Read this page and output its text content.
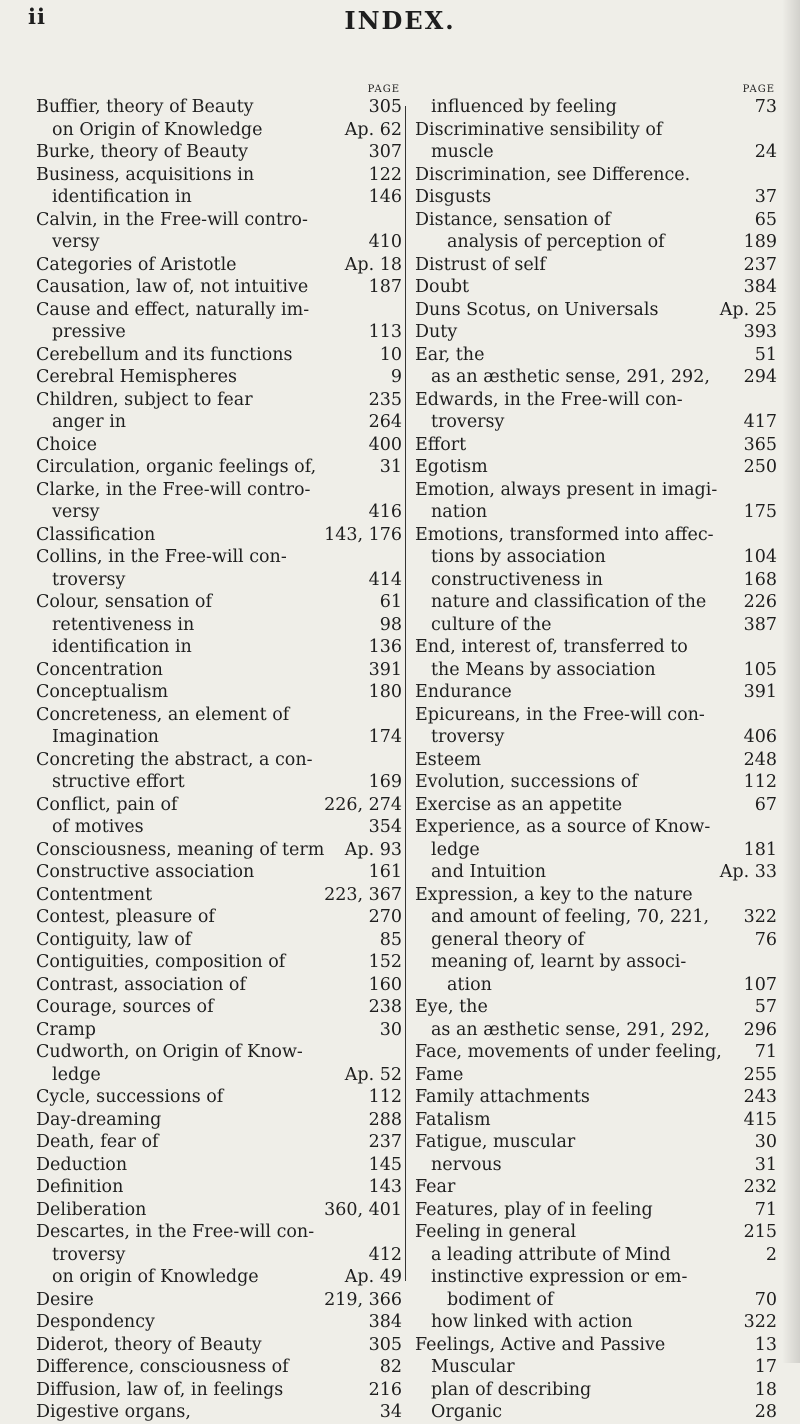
ii	INDEX.
PAGE
Buffier, theory of Beauty	305
on Origin of Knowledge	Ap. 62
Burke, theory of Beauty	307
Business, acquisitions in	122
identification in	146
Calvin, in the Free-will contro-
versy	410
Categories of Aristotle	Ap. 18
Causation, law of, not intuitive	187
Cause and effect, naturally im-
pressive	113
Cerebellum and its functions	10
Cerebral Hemispheres	9
Children, subject to fear	235
anger in	264
Choice	400
Circulation, organic feelings of,	31
Clarke, in the Free-will contro-
versy	416
Classification	143, 176
Collins, in the Free-will con-
troversy	414
Colour, sensation of	61
retentiveness in	98
identification in	136
Concentration	391
Conceptualism	180
Concreteness, an element of
Imagination	174
Concreting the abstract, a con-
structive effort	169
Conflict, pain of	226, 274
of motives	354
Consciousness, meaning of term	Ap. 93
Constructive association	161
Contentment	223, 367
Contest, pleasure of	270
Contiguity, law of	85
Contiguities, composition of	152
Contrast, association of	160
Courage, sources of	238
Cramp	30
Cudworth, on Origin of Know-
ledge	Ap. 52
Cycle, successions of	112
Day-dreaming	288
Death, fear of	237
Deduction	145
Definition	143
Deliberation	360, 401
Descartes, in the Free-will con-
troversy	412
on origin of Knowledge	Ap. 49
Desire	219, 366
Despondency	384
Diderot, theory of Beauty	305
Difference, consciousness of	82
Diffusion, law of, in feelings	216
Digestive organs,	34
PAGE
influenced by feeling	73
Discriminative sensibility of
muscle	24
Discrimination, see Difference.
Disgusts	37
Distance, sensation of	65
analysis of perception of	189
Distrust of self	237
Doubt	384
Duns Scotus, on Universals	Ap. 25
Duty	393
Ear, the	51
as an æsthetic sense, 291, 292,	294
Edwards, in the Free-will con-
troversy	417
Effort	365
Egotism	250
Emotion, always present in imagi-
nation	175
Emotions, transformed into affec-
tions by association	104
constructiveness in	168
nature and classification of the	226
culture of the	387
End, interest of, transferred to
the Means by association	105
Endurance	391
Epicureans, in the Free-will con-
troversy	406
Esteem	248
Evolution, successions of	112
Exercise as an appetite	67
Experience, as a source of Know-
ledge	181
and Intuition	Ap. 33
Expression, a key to the nature
and amount of feeling, 70, 221,	322
general theory of	76
meaning of, learnt by associ-
ation	107
Eye, the	57
as an æsthetic sense, 291, 292,	296
Face, movements of under feeling,	71
Fame	255
Family attachments	243
Fatalism	415
Fatigue, muscular	30
nervous	31
Fear	232
Features, play of in feeling	71
Feeling in general	215
a leading attribute of Mind	2
instinctive expression or em-
bodiment of	70
how linked with action	322
Feelings, Active and Passive	13
Muscular	17
plan of describing	18
Organic	28
